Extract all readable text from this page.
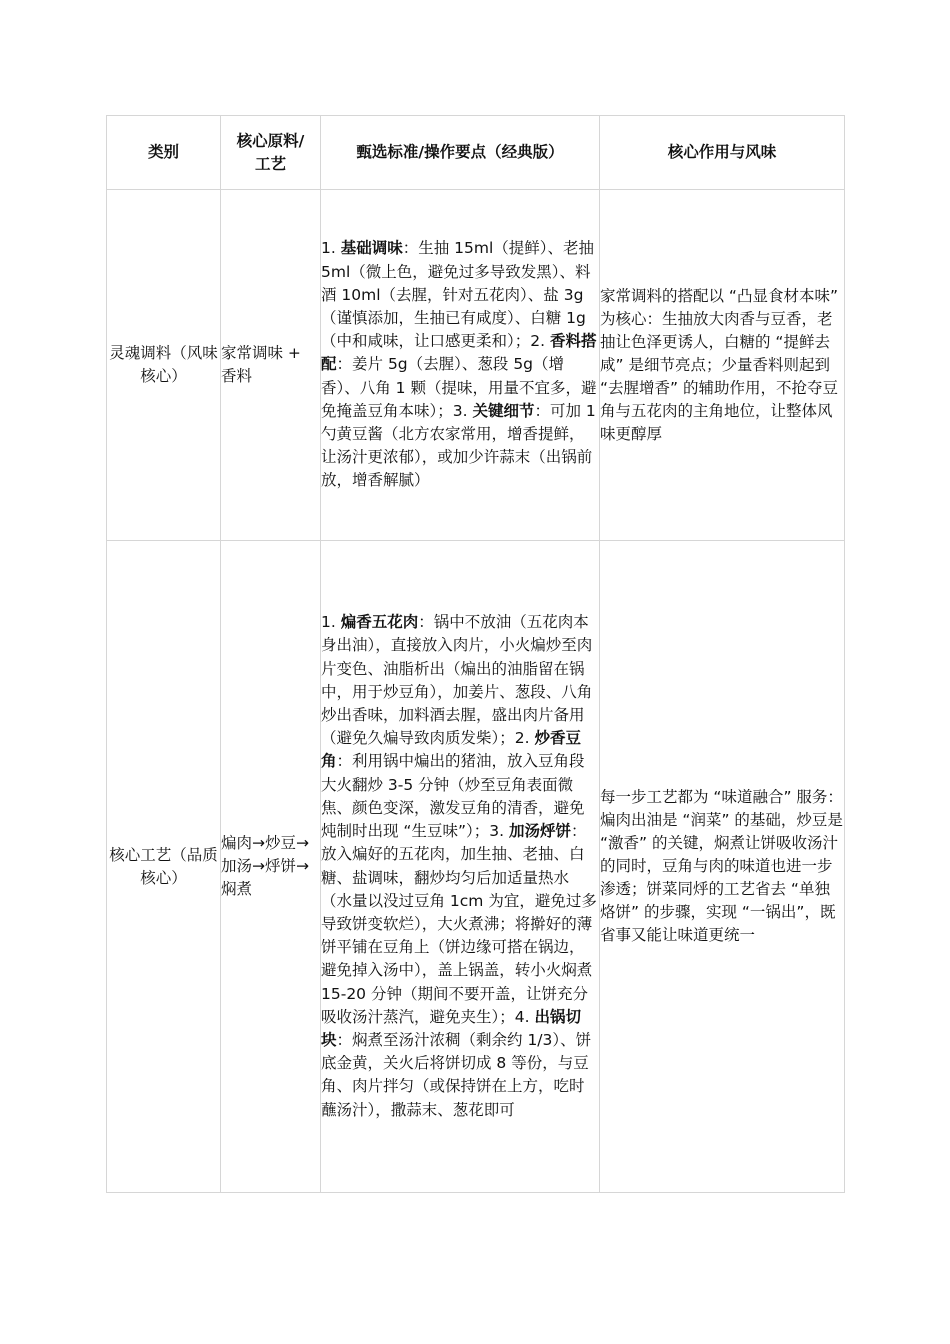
类别	核心原料/工艺	甄选标准/操作要点（经典版）	核心作用与风味
灵魂调料（风味核心）	家常调味 + 香料	1. 基础调味：生抽 15ml（提鲜）、老抽 5ml（微上色，避免过多导致发黑）、料酒 10ml（去腥，针对五花肉）、盐 3g（谨慎添加，生抽已有咸度）、白糖 1g（中和咸味，让口感更柔和）；2. 香料搭配：姜片 5g（去腥）、葱段 5g（增香）、八角 1 颗（提味，用量不宜多，避免掩盖豆角本味）；3. 关键细节：可加 1 勺黄豆酱（北方农家常用，增香提鲜，让汤汁更浓郁），或加少许蒜末（出锅前放，增香解腻）	家常调料的搭配以 “凸显食材本味” 为核心：生抽放大肉香与豆香，老抽让色泽更诱人，白糖的 “提鲜去咸” 是细节亮点；少量香料则起到 “去腥增香” 的辅助作用，不抢夺豆角与五花肉的主角地位，让整体风味更醇厚
核心工艺（品质核心）	煸肉→炒豆→加汤→烀饼→焖煮	1. 煸香五花肉：锅中不放油（五花肉本身出油），直接放入肉片，小火煸炒至肉片变色、油脂析出（煸出的油脂留在锅中，用于炒豆角），加姜片、葱段、八角炒出香味，加料酒去腥，盛出肉片备用（避免久煸导致肉质发柴）；2. 炒香豆角：利用锅中煸出的猪油，放入豆角段大火翻炒 3-5 分钟（炒至豆角表面微焦、颜色变深，激发豆角的清香，避免炖制时出现 “生豆味”）；3. 加汤烀饼：放入煸好的五花肉，加生抽、老抽、白糖、盐调味，翻炒均匀后加适量热水（水量以没过豆角 1cm 为宜，避免过多导致饼变软烂），大火煮沸；将擀好的薄饼平铺在豆角上（饼边缘可搭在锅边，避免掉入汤中），盖上锅盖，转小火焖煮 15-20 分钟（期间不要开盖，让饼充分吸收汤汁蒸汽，避免夹生）；4. 出锅切块：焖煮至汤汁浓稠（剩余约 1/3）、饼底金黄，关火后将饼切成 8 等份，与豆角、肉片拌匀（或保持饼在上方，吃时蘸汤汁），撒蒜末、葱花即可	每一步工艺都为 “味道融合” 服务：煸肉出油是 “润菜” 的基础，炒豆是 “激香” 的关键，焖煮让饼吸收汤汁的同时，豆角与肉的味道也进一步渗透；饼菜同烀的工艺省去 “单独烙饼” 的步骤，实现 “一锅出”，既省事又能让味道更统一
